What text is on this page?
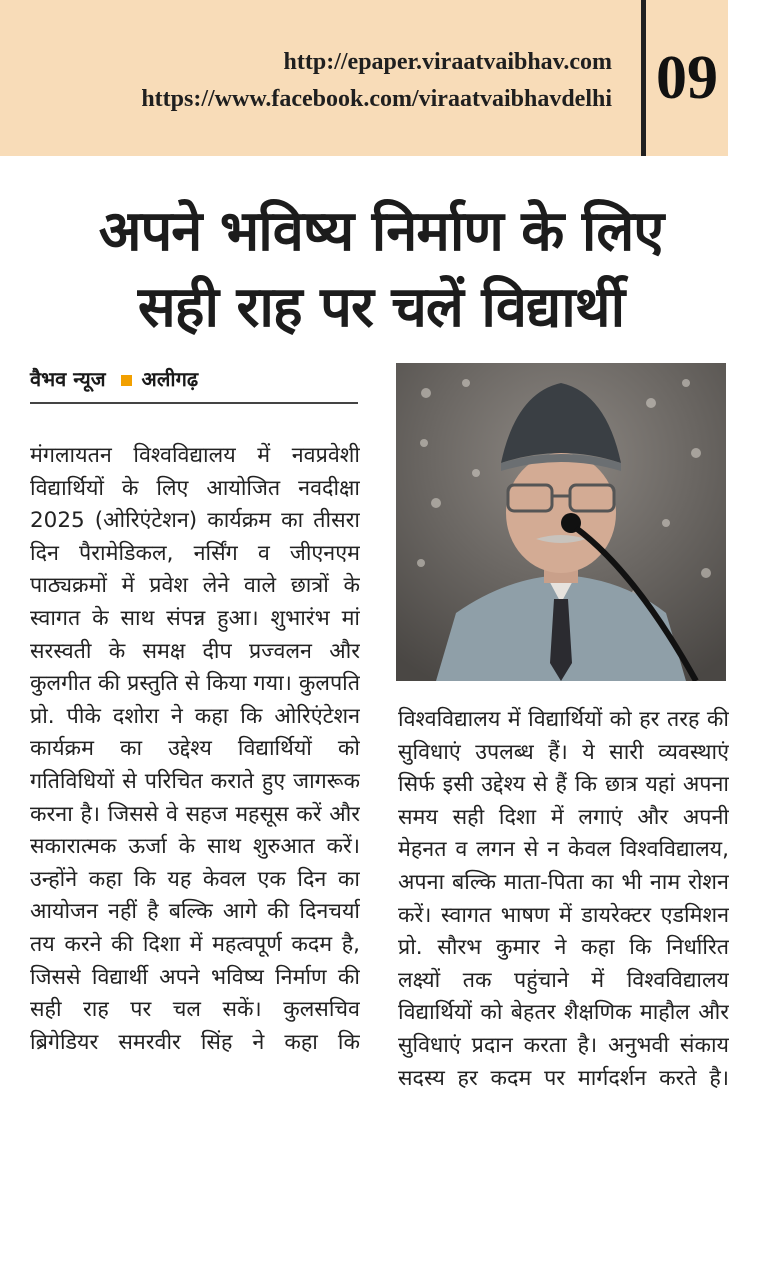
http://epaper.viraatvaibhav.com
https://www.facebook.com/viraatvaibhavdelhi 09
अपने भविष्य निर्माण के लिए
सही राह पर चलें विद्यार्थी
वैभव न्यूज अलीगढ़
मंगलायतन विश्वविद्यालय में नवप्रवेशी विद्यार्थियों के लिए आयोजित नवदीक्षा 2025 (ओरिएंटेशन) कार्यक्रम का तीसरा दिन पैरामेडिकल, नर्सिंग व जीएनएम पाठ्यक्रमों में प्रवेश लेने वाले छात्रों के स्वागत के साथ संपन्न हुआ। शुभारंभ मां सरस्वती के समक्ष दीप प्रज्वलन और कुलगीत की प्रस्तुति से किया गया। कुलपति प्रो. पीके दशोरा ने कहा कि ओरिएंटेशन कार्यक्रम का उद्देश्य विद्यार्थियों को गतिविधियों से परिचित कराते हुए जागरूक करना है। जिससे वे सहज महसूस करें और सकारात्मक ऊर्जा के साथ शुरुआत करें। उन्होंने कहा कि यह केवल एक दिन का आयोजन नहीं है बल्कि आगे की दिनचर्या तय करने की दिशा में महत्वपूर्ण कदम है, जिससे विद्यार्थी अपने भविष्य निर्माण की सही राह पर चल सकें। कुलसचिव ब्रिगेडियर समरवीर सिंह ने कहा कि
विश्वविद्यालय में विद्यार्थियों को हर तरह की सुविधाएं उपलब्ध हैं। ये सारी व्यवस्थाएं सिर्फ इसी उद्देश्य से हैं कि छात्र यहां अपना समय सही दिशा में लगाएं और अपनी मेहनत व लगन से न केवल विश्वविद्यालय, अपना बल्कि माता-पिता का भी नाम रोशन करें। स्वागत भाषण में डायरेक्टर एडमिशन प्रो. सौरभ कुमार ने कहा कि निर्धारित लक्ष्यों तक पहुंचाने में विश्वविद्यालय विद्यार्थियों को बेहतर शैक्षणिक माहौल और सुविधाएं प्रदान करता है। अनुभवी संकाय सदस्य हर कदम पर मार्गदर्शन करते है।
